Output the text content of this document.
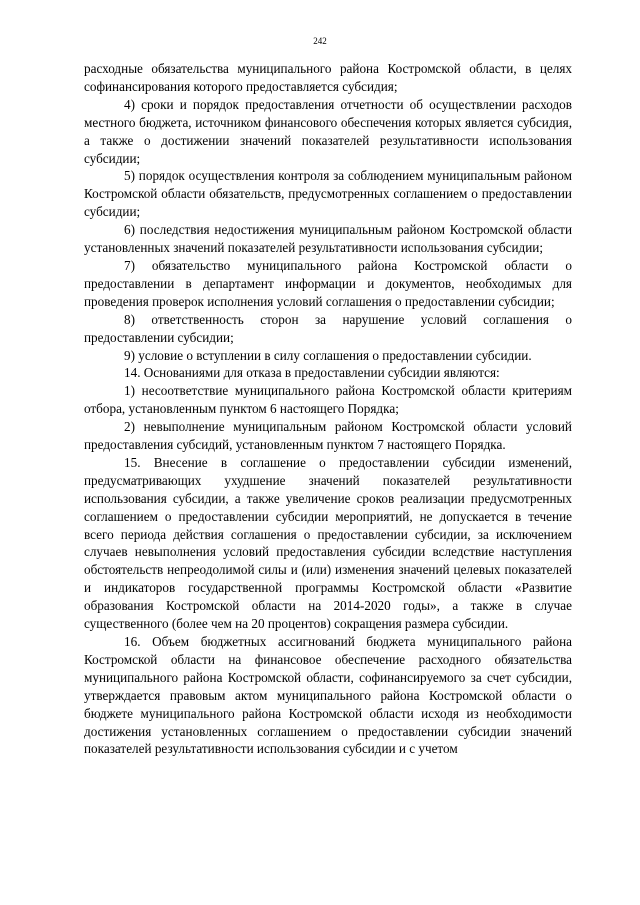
242

расходные обязательства муниципального района Костромской области, в целях софинансирования которого предоставляется субсидия;

4) сроки и порядок предоставления отчетности об осуществлении расходов местного бюджета, источником финансового обеспечения которых является субсидия, а также о достижении значений показателей результативности использования субсидии;

5) порядок осуществления контроля за соблюдением муниципальным районом Костромской области обязательств, предусмотренных соглашением о предоставлении субсидии;

6) последствия недостижения муниципальным районом Костромской области установленных значений показателей результативности использования субсидии;

7) обязательство муниципального района Костромской области о предоставлении в департамент информации и документов, необходимых для проведения проверок исполнения условий соглашения о предоставлении субсидии;

8) ответственность сторон за нарушение условий соглашения о предоставлении субсидии;

9) условие о вступлении в силу соглашения о предоставлении субсидии.

14. Основаниями для отказа в предоставлении субсидии являются:

1) несоответствие муниципального района Костромской области критериям отбора, установленным пунктом 6 настоящего Порядка;

2) невыполнение муниципальным районом Костромской области условий предоставления субсидий, установленным пунктом 7 настоящего Порядка.

15. Внесение в соглашение о предоставлении субсидии изменений, предусматривающих ухудшение значений показателей результативности использования субсидии, а также увеличение сроков реализации предусмотренных соглашением о предоставлении субсидии мероприятий, не допускается в течение всего периода действия соглашения о предоставлении субсидии, за исключением случаев невыполнения условий предоставления субсидии вследствие наступления обстоятельств непреодолимой силы и (или) изменения значений целевых показателей и индикаторов государственной программы Костромской области «Развитие образования Костромской области на 2014-2020 годы», а также в случае существенного (более чем на 20 процентов) сокращения размера субсидии.

16. Объем бюджетных ассигнований бюджета муниципального района Костромской области на финансовое обеспечение расходного обязательства муниципального района Костромской области, софинансируемого за счет субсидии, утверждается правовым актом муниципального района Костромской области о бюджете муниципального района Костромской области исходя из необходимости достижения установленных соглашением о предоставлении субсидии значений показателей результативности использования субсидии и с учетом
